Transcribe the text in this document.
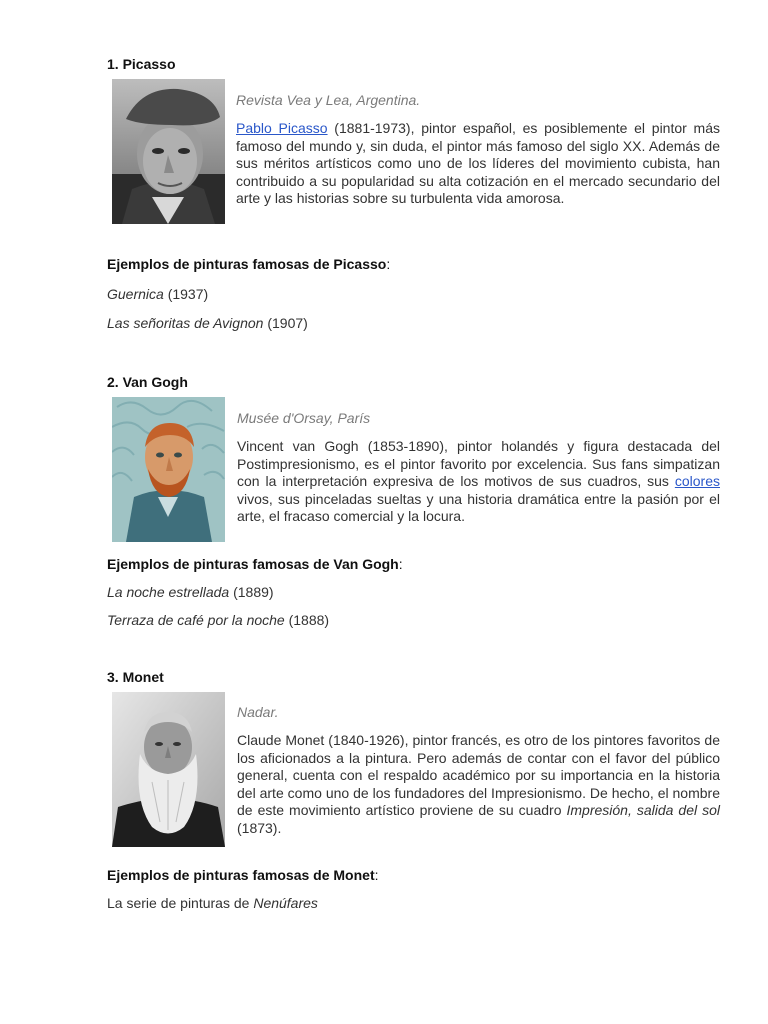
1. Picasso
Revista Vea y Lea, Argentina.
Pablo Picasso (1881-1973), pintor español, es posiblemente el pintor más famoso del mundo y, sin duda, el pintor más famoso del siglo XX. Además de sus méritos artísticos como uno de los líderes del movimiento cubista, han contribuido a su popularidad su alta cotización en el mercado secundario del arte y las historias sobre su turbulenta vida amorosa.
Ejemplos de pinturas famosas de Picasso:
Guernica (1937)
Las señoritas de Avignon (1907)
2. Van Gogh
Musée d'Orsay, París
Vincent van Gogh (1853-1890), pintor holandés y figura destacada del Postimpresionismo, es el pintor favorito por excelencia. Sus fans simpatizan con la interpretación expresiva de los motivos de sus cuadros, sus colores vivos, sus pinceladas sueltas y una historia dramática entre la pasión por el arte, el fracaso comercial y la locura.
Ejemplos de pinturas famosas de Van Gogh:
La noche estrellada (1889)
Terraza de café por la noche (1888)
3. Monet
Nadar.
Claude Monet (1840-1926), pintor francés, es otro de los pintores favoritos de los aficionados a la pintura. Pero además de contar con el favor del público general, cuenta con el respaldo académico por su importancia en la historia del arte como uno de los fundadores del Impresionismo. De hecho, el nombre de este movimiento artístico proviene de su cuadro Impresión, salida del sol (1873).
Ejemplos de pinturas famosas de Monet:
La serie de pinturas de Nenúfares
